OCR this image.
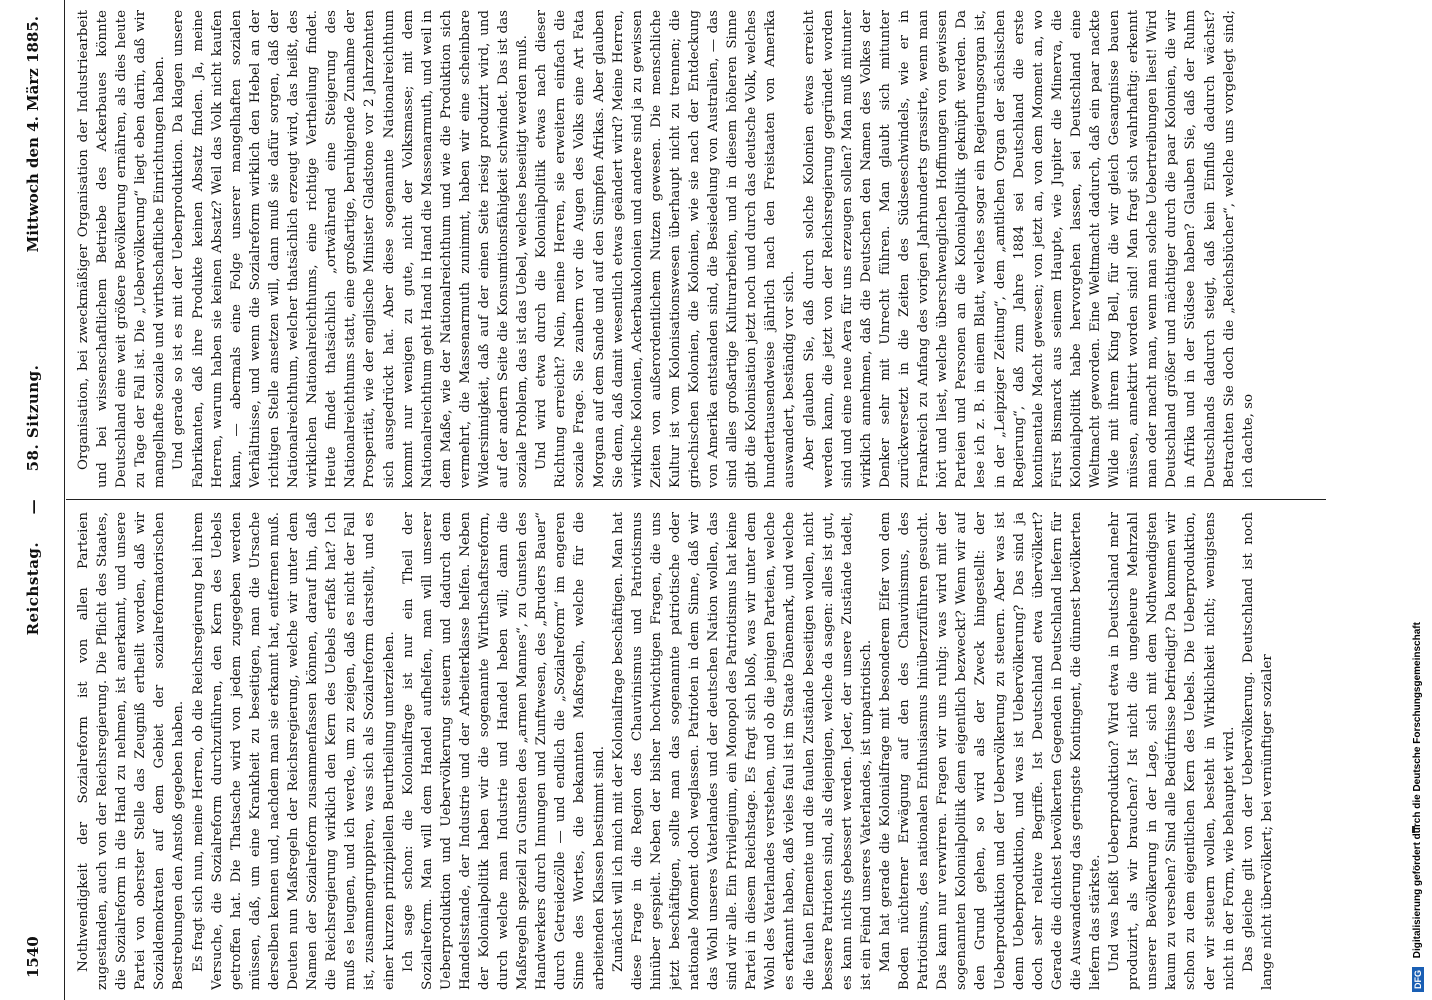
1540
Reichstag.  —  58. Sitzung.
Mittwoch den 4. März 1885.

Nothwendigkeit der Sozialreform ist von allen Parteien zugestanden, auch von der Reichsregierung. Die Pflicht des Staates, die Sozialreform in die Hand zu nehmen, ist anerkannt, und unsere Partei von oberster Stelle das Zeugniß ertheilt worden, daß wir Sozialdemokraten auf dem Gebiet der sozialreformatorischen Bestrebungen den Anstoß gegeben haben. Es fragt sich nun, meine Herren, ob die Reichsregierung bei ihrem Versuche, die Sozialreform durchzuführen, den Kern des Uebels getroffen hat. Die Thatsache wird von jedem zugegeben werden müssen, daß, um eine Krankheit zu beseitigen, man die Ursache derselben kennen und, nachdem man sie erkannt hat, entfernen muß. Deuten nun Maßregeln der Reichsregierung, welche wir unter dem Namen der Sozialreform zusammenfassen können, darauf hin, daß die Reichsregierung wirklich den Kern des Uebels erfaßt hat? Ich muß es leugnen, und ich werde, um zu zeigen, daß es nicht der Fall ist, zusammengruppiren, was sich als Sozialreform darstellt, und es einer kurzen prinzipiellen Beurtheilung unterziehen. Ich sage schon: die Kolonialfrage ist nur ein Theil der Sozialreform. Man will dem Handel aufhelfen, man will unserer Ueberproduktion und Uebervölkerung steuern und dadurch dem Handelsstande, der Industrie und der Arbeiterklasse helfen. Neben der Kolonialpolitik haben wir die sogenannte Wirthschaftsreform, durch welche man Industrie und Handel heben will; dann die Maßregeln speziell zu Gunsten des „armen Mannes“, zu Gunsten des Handwerkers durch Innungen und Zunftwesen, des „Bruders Bauer“ durch Getreidezölle — und endlich die „Sozialreform“ im engeren Sinne des Wortes, die bekannten Maßregeln, welche für die arbeitenden Klassen bestimmt sind. Zunächst will ich mich mit der Kolonialfrage beschäftigen. Man hat diese Frage in die Region des Chauvinismus und Patriotismus hinüber gespielt. Neben der bisher hochwichtigen Fragen, die uns jetzt beschäftigen, sollte man das sogenannte patriotische oder nationale Moment doch weglassen. Patrioten in dem Sinne, daß wir das Wohl unseres Vaterlandes und der deutschen Nation wollen, das sind wir alle. Ein Privilegium, ein Monopol des Patriotismus hat keine Partei in diesem Reichstage. Es fragt sich bloß, was wir unter dem Wohl des Vaterlandes verstehen, und ob die jenigen Parteien, welche es erkannt haben, daß vieles faul ist im Staate Dänemark, und welche die faulen Elemente und die faulen Zustände beseitigen wollen, nicht bessere Patrioten sind, als diejenigen, welche da sagen: alles ist gut, es kann nichts gebessert werden. Jeder, der unsere Zustände tadelt, ist ein Feind unseres Vaterlandes, ist unpatriotisch. Man hat gerade die Kolonialfrage mit besonderem Eifer von dem Boden nüchterner Erwägung auf den des Chauvinismus, des Patriotismus, des nationalen Enthusiasmus hinüberzuführen gesucht. Das kann nur verwirren. Fragen wir uns ruhig: was wird mit der sogenannten Kolonialpolitik denn eigentlich bezweckt? Wenn wir auf den Grund gehen, so wird als der Zweck hingestellt: der Ueberproduktion und der Uebervölkerung zu steuern. Aber was ist denn Ueberproduktion, und was ist Uebervölkerung? Das sind ja doch sehr relative Begriffe. Ist Deutschland etwa übervölkert? Gerade die dichtest bevölkerten Gegenden in Deutschland liefern für die Auswanderung das geringste Kontingent, die dünnest bevölkerten liefern das stärkste. Und was heißt Ueberproduktion? Wird etwa in Deutschland mehr produzirt, als wir brauchen? Ist nicht die ungeheure Mehrzahl unserer Bevölkerung in der Lage, sich mit dem Nothwendigsten kaum zu versehen? Sind alle Bedürfnisse befriedigt? Da kommen wir schon zu dem eigentlichen Kern des Uebels. Die Ueberproduktion, der wir steuern wollen, besteht in Wirklichkeit nicht; wenigstens nicht in der Form, wie behauptet wird. Das gleiche gilt von der Uebervölkerung. Deutschland ist noch lange nicht übervölkert; bei vernünftiger sozialer

Organisation, bei zweckmäßiger Organisation der Industriearbeit und bei wissenschaftlichem Betriebe des Ackerbaues könnte Deutschland eine weit größere Bevölkerung ernähren, als dies heute zu Tage der Fall ist. Die „Uebervölkerung“ liegt eben darin, daß wir mangelhafte soziale und wirthschaftliche Einrichtungen haben. Und gerade so ist es mit der Ueberproduktion. Da klagen unsere Fabrikanten, daß ihre Produkte keinen Absatz finden. Ja, meine Herren, warum haben sie keinen Absatz? Weil das Volk nicht kaufen kann, — abermals eine Folge unserer mangelhaften sozialen Verhältnisse, und wenn die Sozialreform wirklich den Hebel an der richtigen Stelle ansetzen will, dann muß sie dafür sorgen, daß der Nationalreichthum, welcher thatsächlich erzeugt wird, das heißt, des wirklichen Nationalreichthums, eine richtige Vertheilung findet. Heute findet thatsächlich „ortwährend eine Steigerung des Nationalreichthums statt, eine großartige, beruhigende Zunahme der Prosperität, wie der englische Minister Gladstone vor 2 Jahrzehnten sich ausgedrückt hat. Aber diese sogenannte Nationalreichthum kommt nur wenigen zu gute, nicht der Volksmasse; mit dem Nationalreichthum geht Hand in Hand die Massenarmuth, und weil in dem Maße, wie der Nationalreichthum und wie die Produktion sich vermehrt, die Massenarmuth zunimmt, haben wir eine scheinbare Widersinnigkeit, daß auf der einen Seite riesig produzirt wird, und auf der andern Seite die Konsumtionsfähigkeit schwindet. Das ist das soziale Problem, das ist das Uebel, welches beseitigt werden muß. Und wird etwa durch die Kolonialpolitik etwas nach dieser Richtung erreicht? Nein, meine Herren, sie erweitern einfach die soziale Frage. Sie zaubern vor die Augen des Volks eine Art Fata Morgana auf dem Sande und auf den Sümpfen Afrikas. Aber glauben Sie denn, daß damit wesentlich etwas geändert wird? Meine Herren, wirkliche Kolonien, Ackerbaukolonien und andere sind ja zu gewissen Zeiten von außerordentlichem Nutzen gewesen. Die menschliche Kultur ist vom Kolonisationswesen überhaupt nicht zu trennen; die griechischen Kolonien, die Kolonien, wie sie nach der Entdeckung von Amerika entstanden sind, die Besiedelung von Australien, — das sind alles großartige Kulturarbeiten, und in diesem höheren Sinne gibt die Kolonisation jetzt noch und durch das deutsche Volk, welches hunderttausendweise jährlich nach den Freistaaten von Amerika auswandert, beständig vor sich. Aber glauben Sie, daß durch solche Kolonien etwas erreicht werden kann, die jetzt von der Reichsregierung gegründet worden sind und eine neue Aera für uns erzeugen sollen? Man muß mitunter wirklich annehmen, daß die Deutschen den Namen des Volkes der Denker sehr mit Unrecht führen. Man glaubt sich mitunter zurückversetzt in die Zeiten des Südseeschwindels, wie er in Frankreich zu Anfang des vorigen Jahrhunderts grassirte, wenn man hört und liest, welche überschwenglichen Hoffnungen von gewissen Parteien und Personen an die Kolonialpolitik geknüpft werden. Da lese ich z. B. in einem Blatt, welches sogar ein Regierungsorgan ist, in der „Leipziger Zeitung“, dem „amtlichen Organ der sächsischen Regierung“, daß zum Jahre 1884 sei Deutschland die erste kontinentale Macht gewesen; von jetzt an, von dem Moment an, wo Fürst Bismarck aus seinem Haupte, wie Jupiter die Minerva, die Kolonialpolitik habe hervorgehen lassen, sei Deutschland eine Weltmacht geworden. Eine Weltmacht dadurch, daß ein paar nackte Wilde mit ihrem King Bell, für die wir gleich Gesangnisse bauen müssen, annektirt worden sind! Man fragt sich wahrhaftig: erkennt man oder macht man, wenn man solche Uebertreibungen liest! Wird Deutschland größer und mächtiger durch die paar Kolonien, die wir in Afrika und in der Südsee haben? Glauben Sie, daß der Ruhm Deutschlands dadurch steigt, daß kein Einfluß dadurch wächst? Betrachten Sie doch die „Reichsbücher“, welche uns vorgelegt sind; ich dachte, so

DFG Digitalisierung gefördert durch die Deutsche Forschungsgemeinschaft
